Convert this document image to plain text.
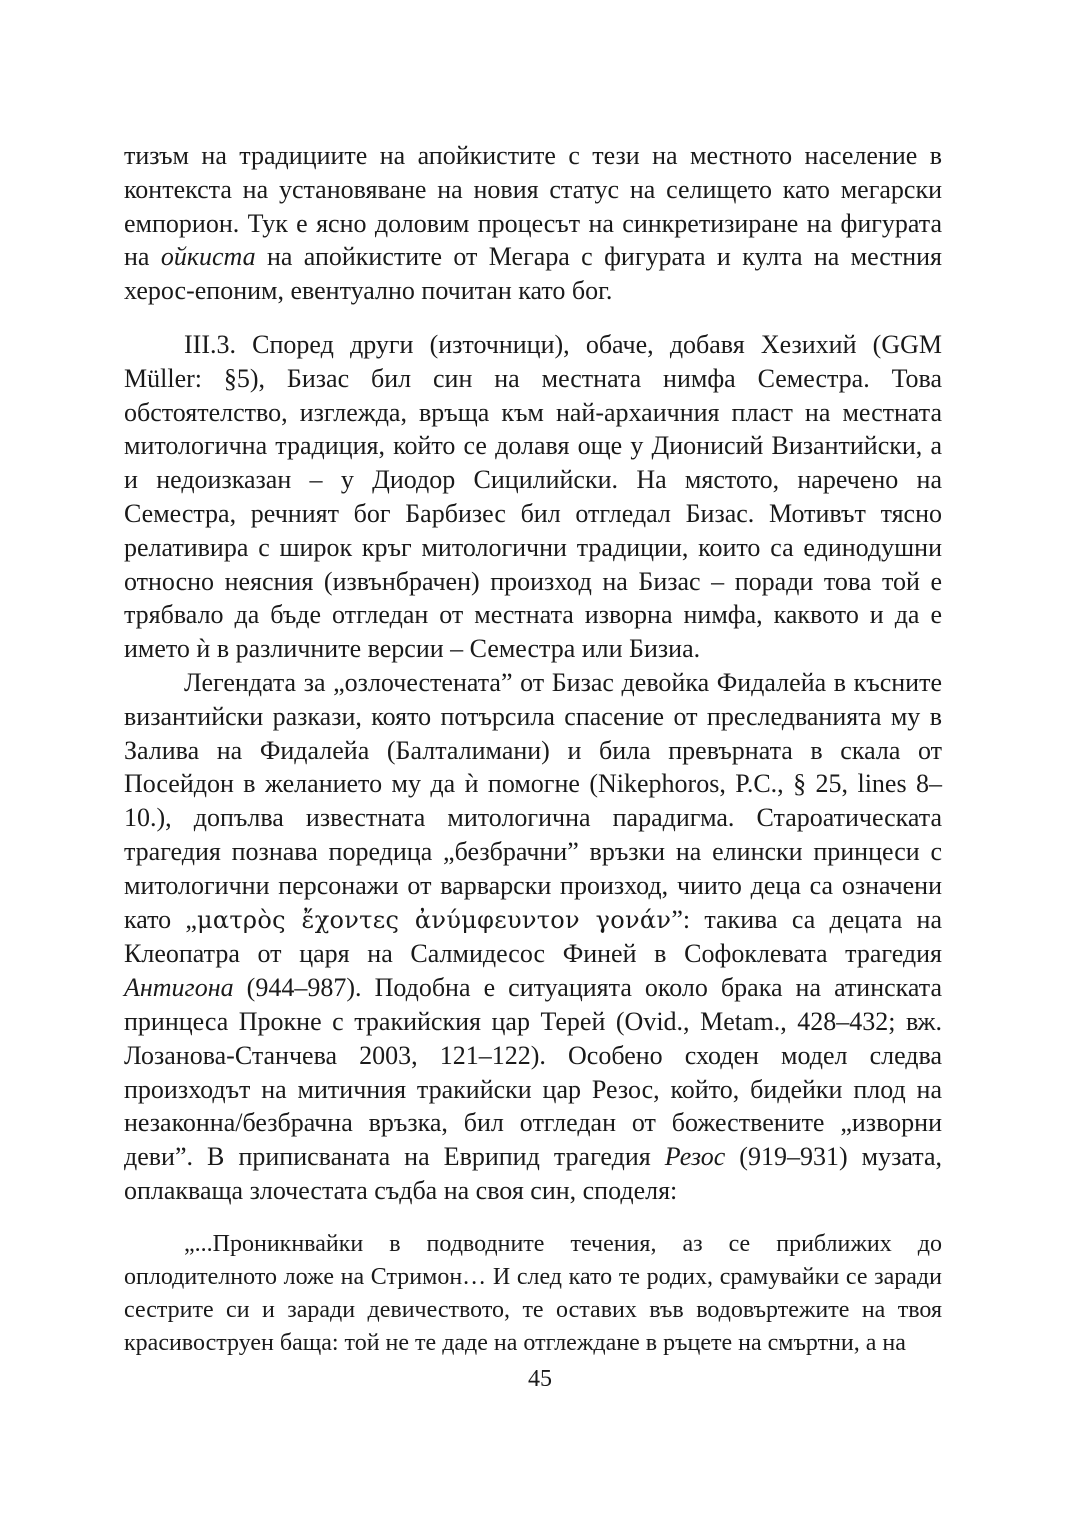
тизъм на традициите на апойкистите с тези на местното население в контекста на установяване на новия статус на селището като мегарски емпорион. Тук е ясно доловим процесът на синкретизиране на фигурата на ойкиста на апойкистите от Мегара с фигурата и култа на местния херос-епоним, евентуално почитан като бог.

III.3. Според други (източници), обаче, добавя Хезихий (GGM Müller: §5), Бизас бил син на местната нимфа Семестра. Това обстоятелство, изглежда, връща към най-архаичния пласт на местната митологична традиция, който се долавя още у Дионисий Византийски, а и недоизказан – у Диодор Сицилийски. На мястото, наречено на Семестра, речният бог Барбизес бил отгледал Бизас. Мотивът тясно релативира с широк кръг митологични традиции, които са единодушни относно неясния (извънбрачен) произход на Бизас – поради това той е трябвало да бъде отгледан от местната изворна нимфа, каквото и да е името ѝ в различните версии – Семестра или Бизиа.

Легендата за „озлочестената” от Бизас девойка Фидалейа в късните византийски разкази, която потърсила спасение от преследванията му в Залива на Фидалейа (Балталимани) и била превърната в скала от Посейдон в желанието му да ѝ помогне (Nikephoros, P.C., § 25, lines 8–10.), допълва известната митологична парадигма. Староатическата трагедия познава поредица „безбрачни” връзки на елински принцеси с митологични персонажи от варварски произход, чиито деца са означени като „ματρὸς ἔχοντες ἀνύμφευντον γονάν”: такива са децата на Клеопатра от царя на Салмидесос Финей в Софоклевата трагедия Антигона (944–987). Подобна е ситуацията около брака на атинската принцеса Прокне с тракийския цар Терей (Ovid., Metam., 428–432; вж. Лозанова-Станчева 2003, 121–122). Особено сходен модел следва произходът на митичния тракийски цар Резос, който, бидейки плод на незаконна/безбрачна връзка, бил отгледан от божествените „изворни деви”. В приписваната на Еврипид трагедия Резос (919–931) музата, оплакваща злочестата съдба на своя син, споделя:

„...Проникнвайки в подводните течения, аз се приближих до оплодителното ложе на Стримон… И след като те родих, срамувайки се заради сестрите си и заради девичеството, те оставих във водовъртежите на твоя красивоструен баща: той не те даде на отглеждане в ръцете на смъртни, а на

45
